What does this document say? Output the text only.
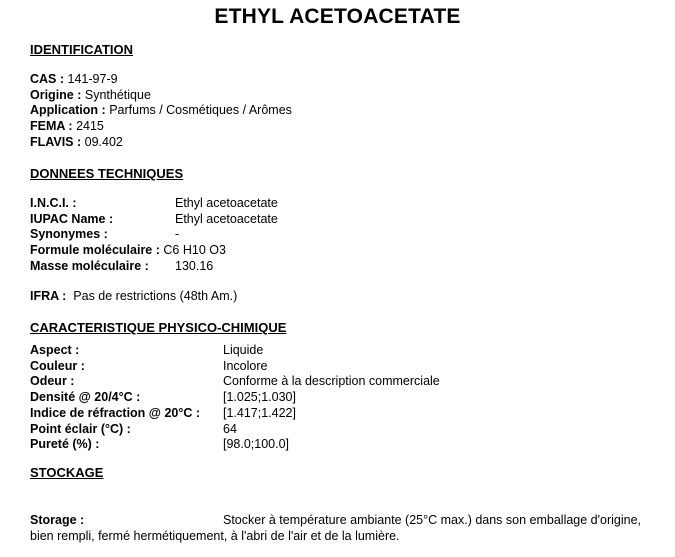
ETHYL ACETOACETATE
IDENTIFICATION
CAS : 141-97-9
Origine : Synthétique
Application : Parfums / Cosmétiques / Arômes
FEMA : 2415
FLAVIS : 09.402
DONNEES TECHNIQUES
I.N.C.I. :	Ethyl acetoacetate
IUPAC Name :	Ethyl acetoacetate
Synonymes :	-
Formule moléculaire : C6 H10 O3
Masse moléculaire : 130.16
IFRA : Pas de restrictions (48th Am.)
CARACTERISTIQUE PHYSICO-CHIMIQUE
Aspect :	Liquide
Couleur :	Incolore
Odeur :	Conforme à la description commerciale
Densité @ 20/4°C :	[1.025;1.030]
Indice de réfraction @ 20°C : [1.417;1.422]
Point éclair (°C) :	64
Pureté (%) :	[98.0;100.0]
STOCKAGE
Storage :	Stocker à température ambiante (25°C max.) dans son emballage d'origine,
bien rempli, fermé hermétiquement, à l'abri de l'air et de la lumière.
